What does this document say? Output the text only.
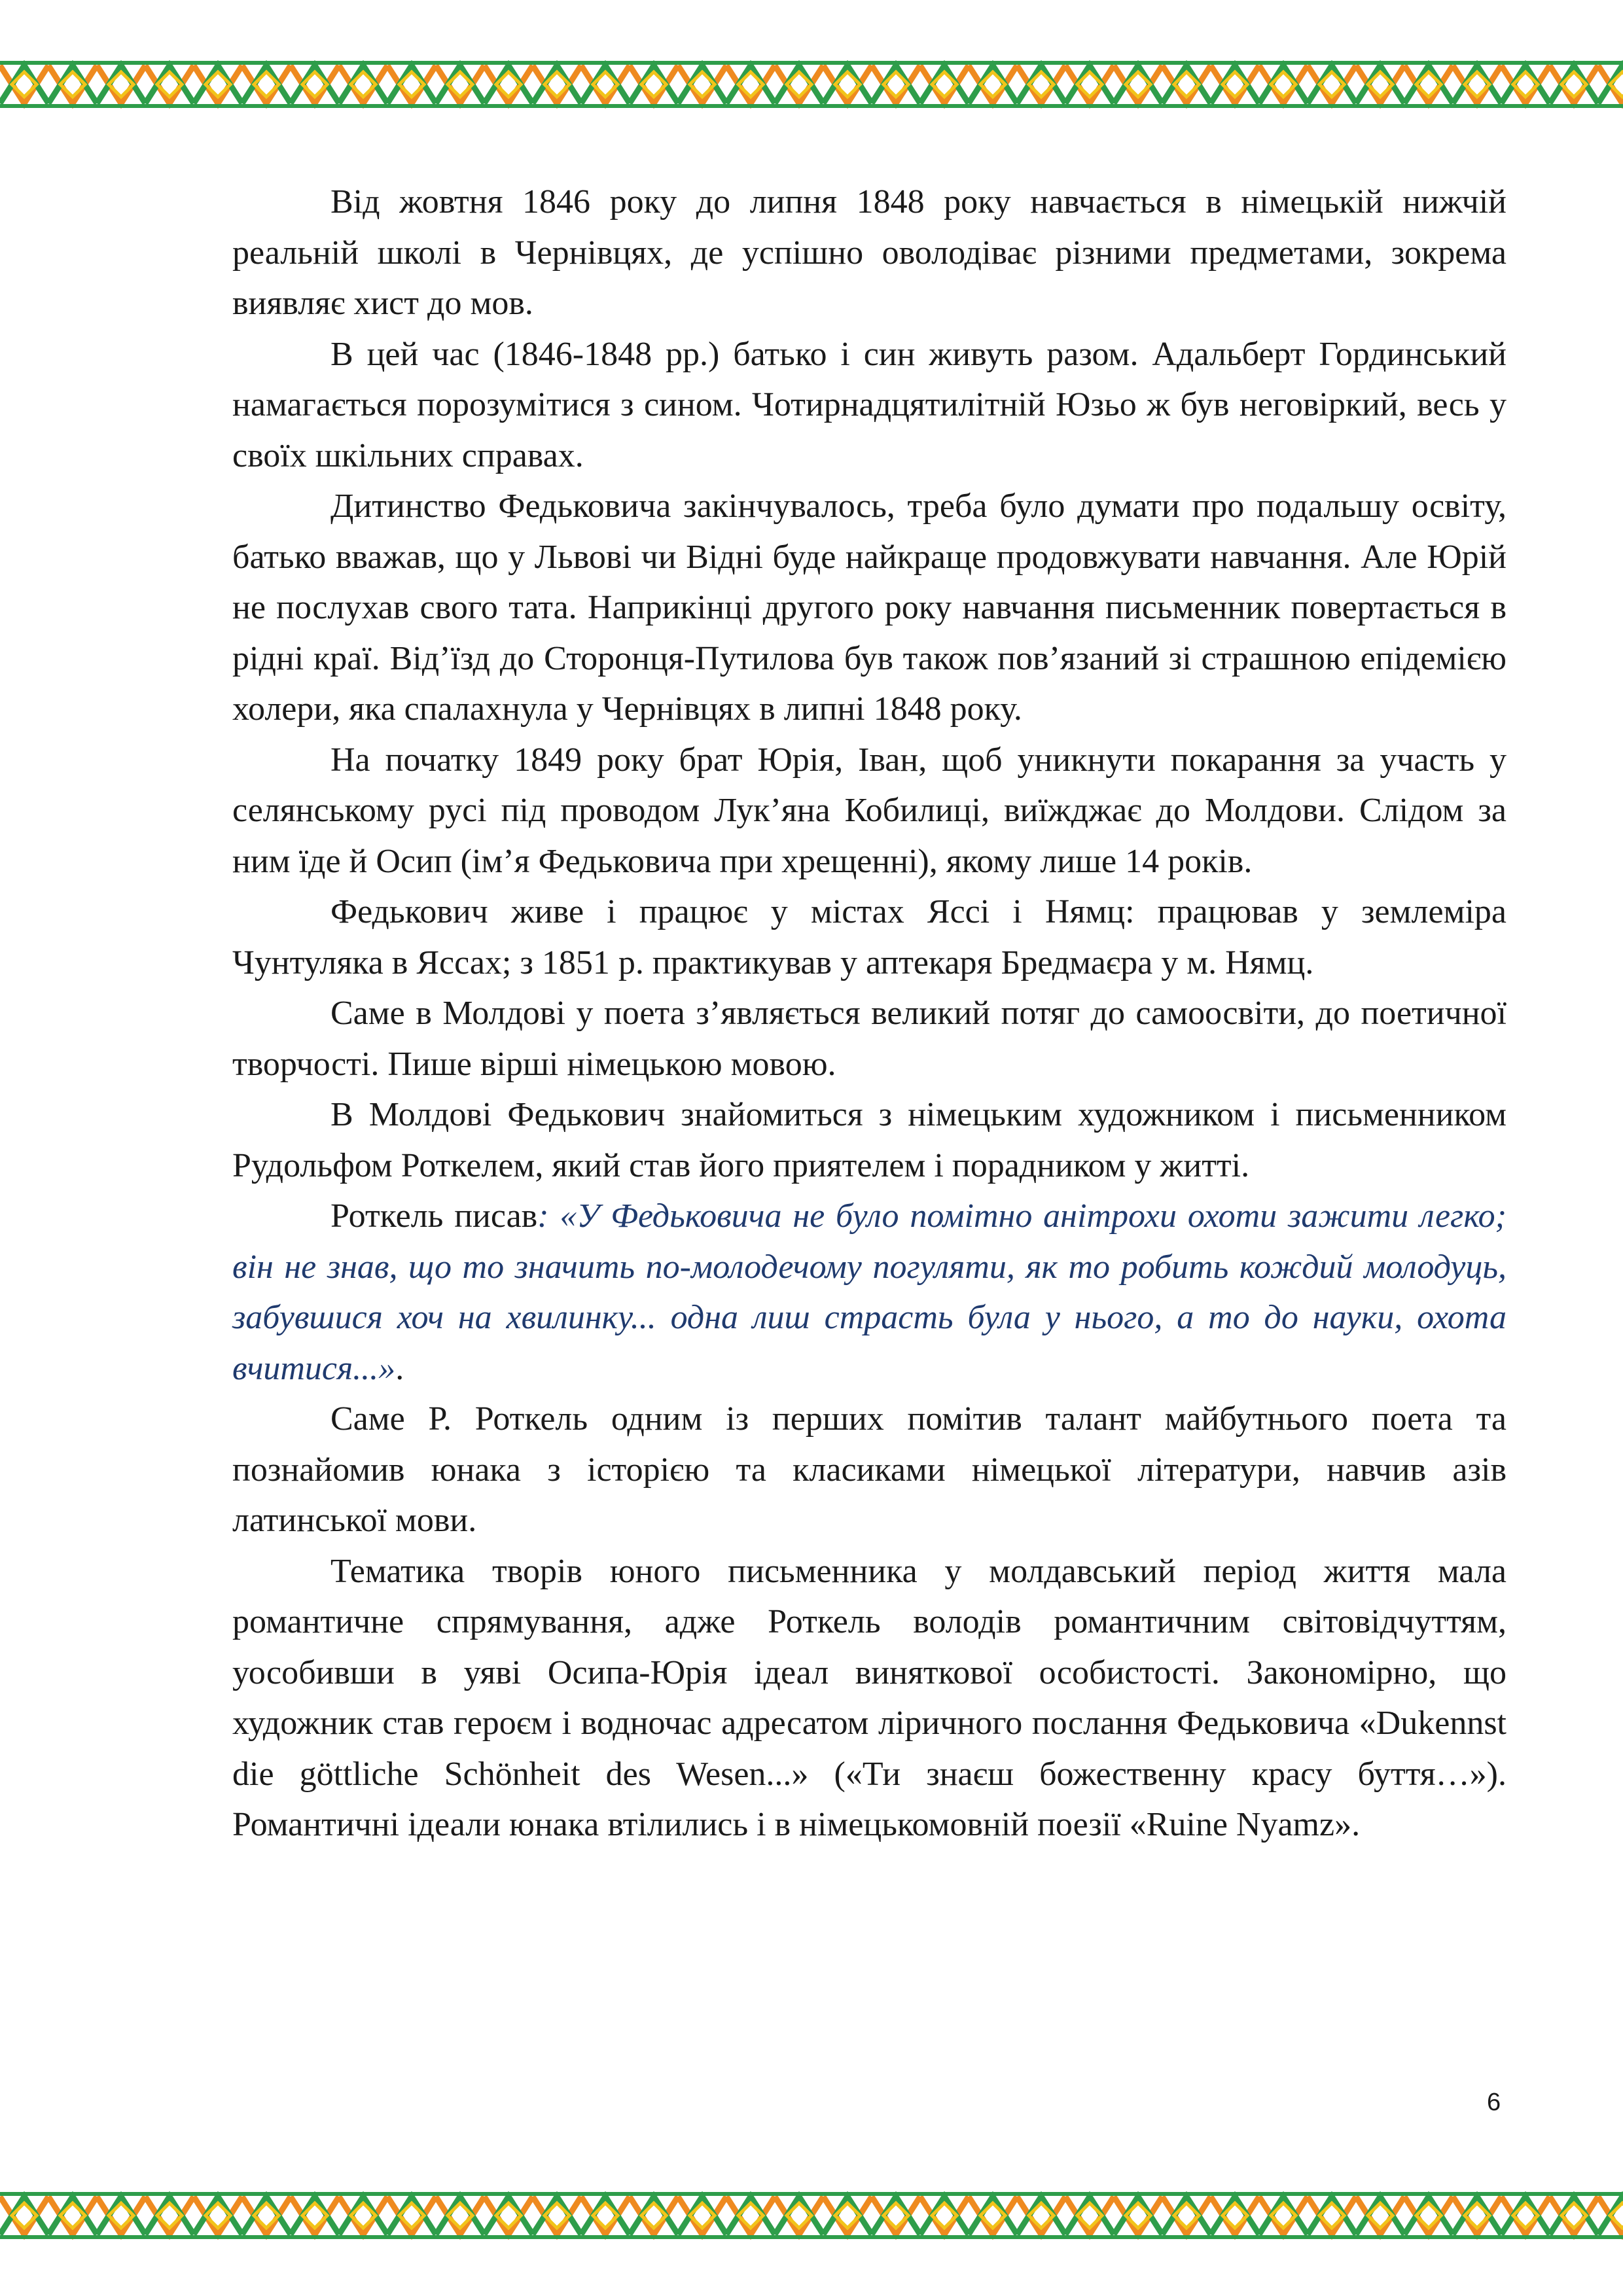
Від жовтня 1846 року до липня 1848 року навчається в німецькій нижчій реальній школі в Чернівцях, де успішно оволодіває різними предметами, зокрема виявляє хист до мов.

В цей час (1846-1848 рр.) батько і син живуть разом. Адальберт Гординський намагається порозумітися з сином. Чотирнадцятилітній Юзьо ж був неговіркий, весь у своїх шкільних справах.

Дитинство Федьковича закінчувалось, треба було думати про подальшу освіту, батько вважав, що у Львові чи Відні буде найкраще продовжувати навчання. Але Юрій не послухав свого тата. Наприкінці другого року навчання письменник повертається в рідні краї. Від’їзд до Сторонця-Путилова був також пов’язаний зі страшною епідемією холери, яка спалахнула у Чернівцях в липні 1848 року.

На початку 1849 року брат Юрія, Іван, щоб уникнути покарання за участь у селянському русі під проводом Лук’яна Кобилиці, виїжджає до Молдови. Слідом за ним їде й Осип (ім’я Федьковича при хрещенні), якому лише 14 років.

Федькович живе і працює у містах Яссі і Нямц: працював у землеміра Чунтуляка в Яссах; з 1851 р. практикував у аптекаря Бредмаєра у м. Нямц.

Саме в Молдові у поета з’являється великий потяг до самоосвіти, до поетичної творчості. Пише вірші німецькою мовою.

В Молдові Федькович знайомиться з німецьким художником і письменником Рудольфом Роткелем, який став його приятелем і порадником у житті.

Роткель писав: «У Федьковича не було помітно анітрохи охоти зажити легко; він не знав, що то значить по-молодечому погуляти, як то робить кождий молодуць, забувшися хоч на хвилинку... одна лиш страсть була у нього, а то до науки, охота вчитися...».

Саме Р. Роткель одним із перших помітив талант майбутнього поета та познайомив юнака з історією та класиками німецької літератури, навчив азів латинської мови.

Тематика творів юного письменника у молдавський період життя мала романтичне спрямування, адже Роткель володів романтичним світовідчуттям, уособивши в уяві Осипа-Юрія ідеал виняткової особистості. Закономірно, що художник став героєм і водночас адресатом ліричного послання Федьковича «Dukennst die göttliche Schönheit des Wesen...» («Ти знаєш божественну красу буття…»). Романтичні ідеали юнака втілились і в німецькомовній поезії «Ruine Nyamz».

6
